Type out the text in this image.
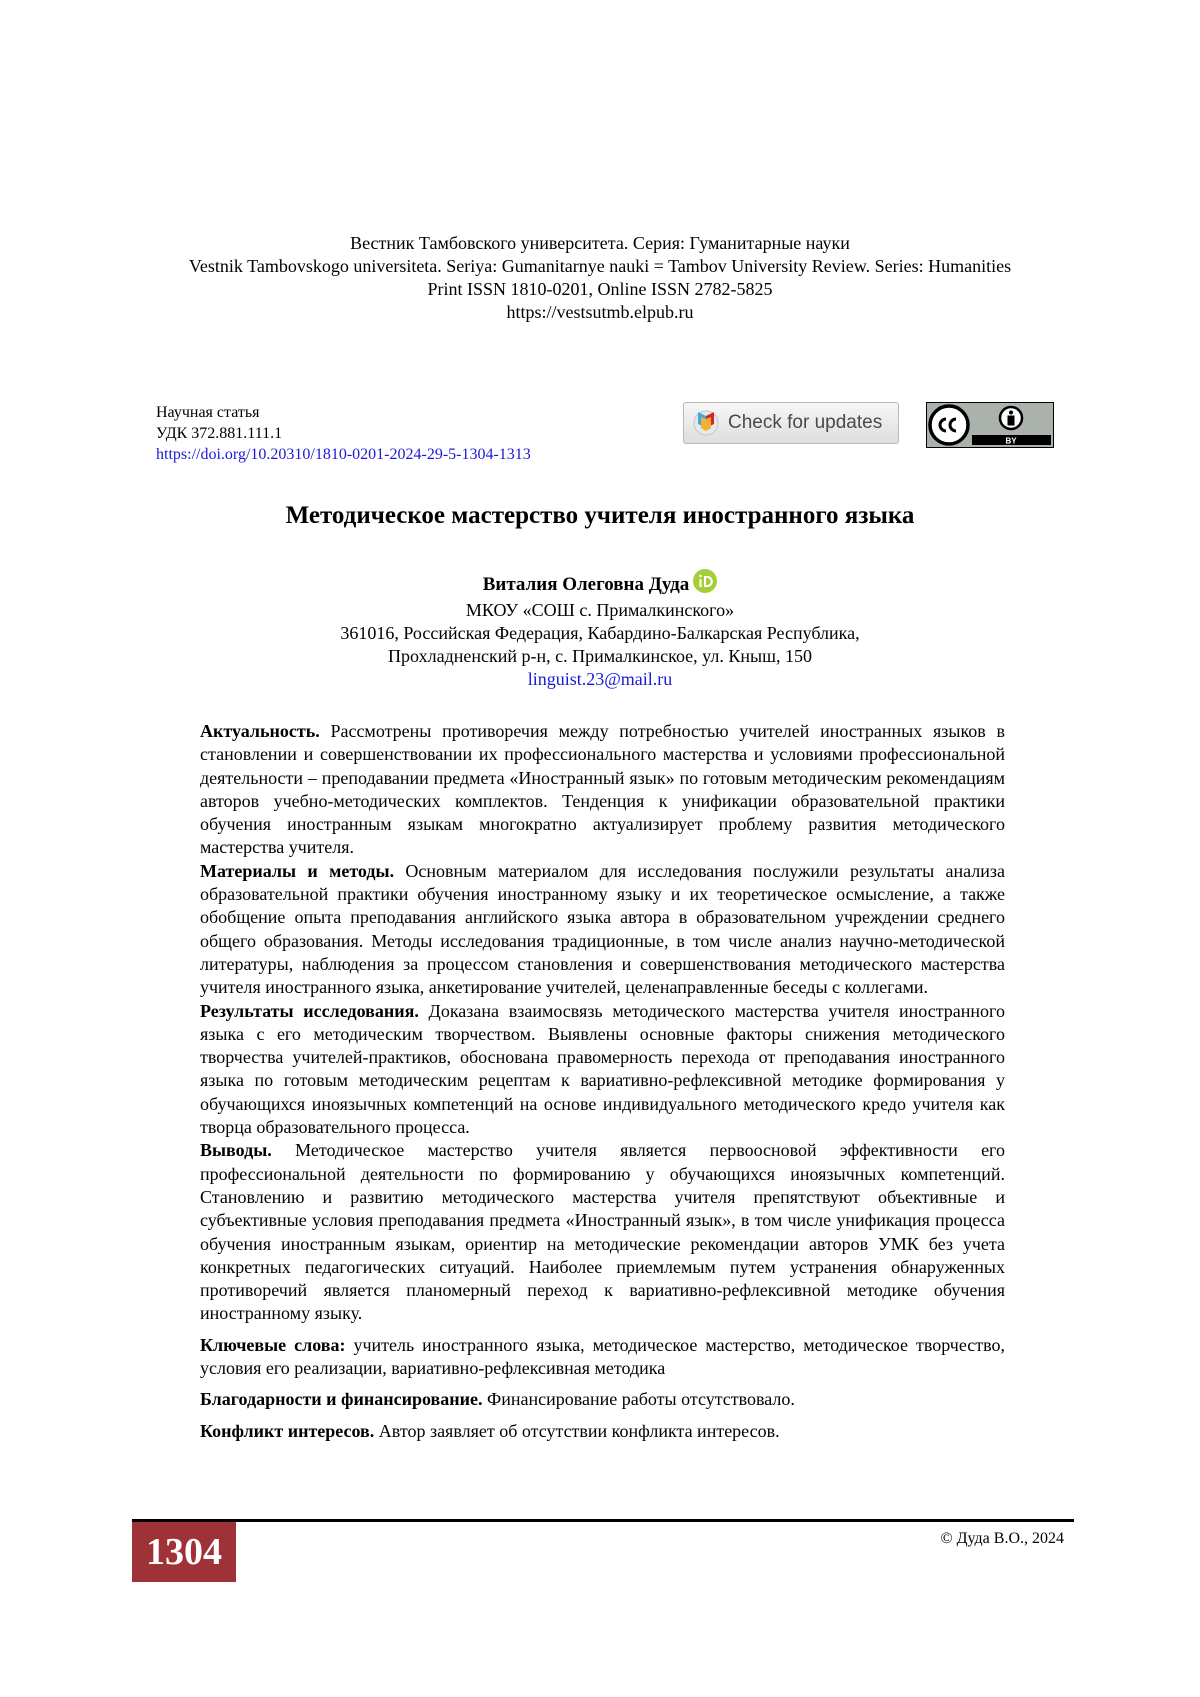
Вестник Тамбовского университета. Серия: Гуманитарные науки
Vestnik Tambovskogo universiteta. Seriya: Gumanitarnye nauki = Tambov University Review. Series: Humanities
Print ISSN 1810-0201, Online ISSN 2782-5825
https://vestsutmb.elpub.ru
Научная статья
УДК 372.881.111.1
https://doi.org/10.20310/1810-0201-2024-29-5-1304-1313
Check for updates
BY
Методическое мастерство учителя иностранного языка
Виталия Олеговна Дуда
МКОУ «СОШ с. Прималкинского»
361016, Российская Федерация, Кабардино-Балкарская Республика,
Прохладненский р-н, с. Прималкинское, ул. Кныш, 150
linguist.23@mail.ru

Актуальность. Рассмотрены противоречия между потребностью учителей иностранных языков в становлении и совершенствовании их профессионального мастерства и условиями профессиональной деятельности – преподавании предмета «Иностранный язык» по готовым методическим рекомендациям авторов учебно-методических комплектов. Тенденция к унификации образовательной практики обучения иностранным языкам многократно актуализирует проблему развития методического мастерства учителя.

Материалы и методы. Основным материалом для исследования послужили результаты анализа образовательной практики обучения иностранному языку и их теоретическое осмысление, а также обобщение опыта преподавания английского языка автора в образовательном учреждении среднего общего образования. Методы исследования традиционные, в том числе анализ научно-методической литературы, наблюдения за процессом становления и совершенствования методического мастерства учителя иностранного языка, анкетирование учителей, целенаправленные беседы с коллегами.

Результаты исследования. Доказана взаимосвязь методического мастерства учителя иностранного языка с его методическим творчеством. Выявлены основные факторы снижения методического творчества учителей-практиков, обоснована правомерность перехода от преподавания иностранного языка по готовым методическим рецептам к вариативно-рефлексивной методике формирования у обучающихся иноязычных компетенций на основе индивидуального методического кредо учителя как творца образовательного процесса.

Выводы. Методическое мастерство учителя является первоосновой эффективности его профессиональной деятельности по формированию у обучающихся иноязычных компетенций. Становлению и развитию методического мастерства учителя препятствуют объективные и субъективные условия преподавания предмета «Иностранный язык», в том числе унификация процесса обучения иностранным языкам, ориентир на методические рекомендации авторов УМК без учета конкретных педагогических ситуаций. Наиболее приемлемым путем устранения обнаруженных противоречий является планомерный переход к вариативно-рефлексивной методике обучения иностранному языку.

Ключевые слова: учитель иностранного языка, методическое мастерство, методическое творчество, условия его реализации, вариативно-рефлексивная методика

Благодарности и финансирование. Финансирование работы отсутствовало.

Конфликт интересов. Автор заявляет об отсутствии конфликта интересов.

1304	© Дуда В.О., 2024
